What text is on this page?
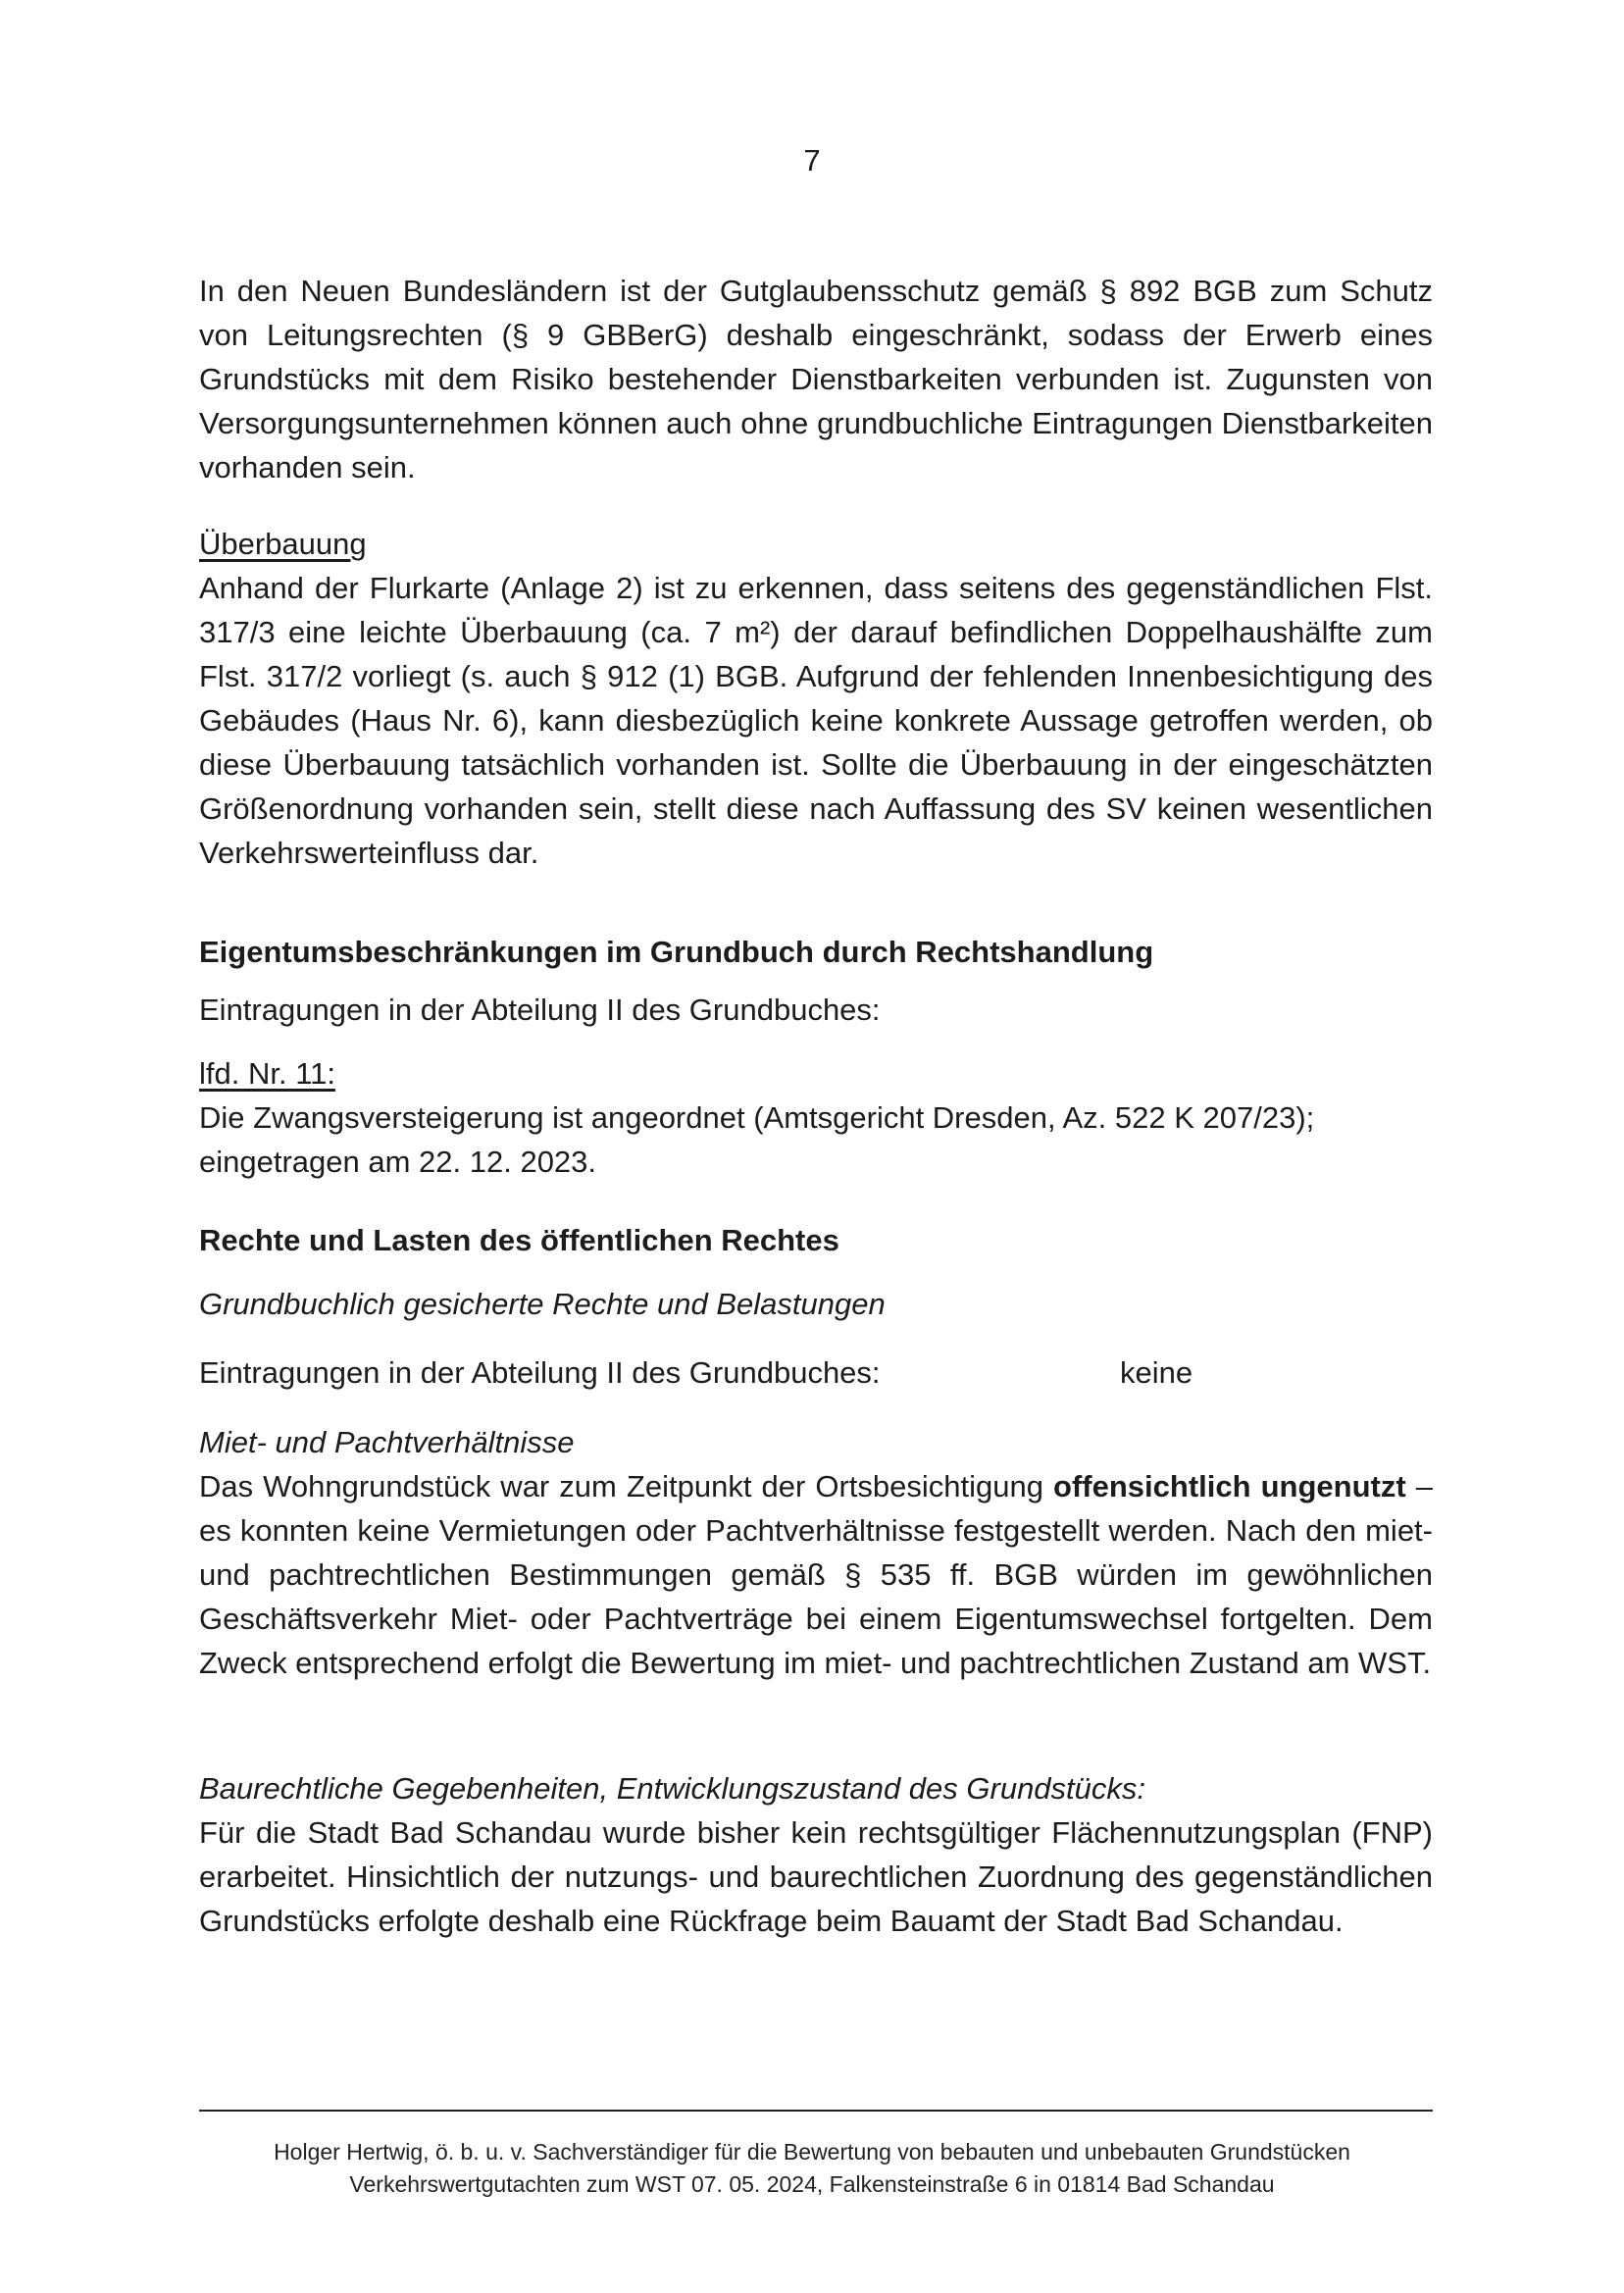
7

In den Neuen Bundesländern ist der Gutglaubensschutz gemäß § 892 BGB zum Schutz von Leitungsrechten (§ 9 GBBerG) deshalb eingeschränkt, sodass der Erwerb eines Grundstücks mit dem Risiko bestehender Dienstbarkeiten verbunden ist. Zugunsten von Versorgungsunternehmen können auch ohne grundbuchliche Eintragungen Dienstbarkeiten vorhanden sein.

Überbauung

Anhand der Flurkarte (Anlage 2) ist zu erkennen, dass seitens des gegenständlichen Flst. 317/3 eine leichte Überbauung (ca. 7 m²) der darauf befindlichen Doppelhaushälfte zum Flst. 317/2 vorliegt (s. auch § 912 (1) BGB. Aufgrund der fehlenden Innenbesichtigung des Gebäudes (Haus Nr. 6), kann diesbezüglich keine konkrete Aussage getroffen werden, ob diese Überbauung tatsächlich vorhanden ist. Sollte die Überbauung in der eingeschätzten Größenordnung vorhanden sein, stellt diese nach Auffassung des SV keinen wesentlichen Verkehrswerteinfluss dar.

Eigentumsbeschränkungen im Grundbuch durch Rechtshandlung

Eintragungen in der Abteilung II des Grundbuches:

lfd. Nr. 11:

Die Zwangsversteigerung ist angeordnet (Amtsgericht Dresden, Az. 522 K 207/23); eingetragen am 22. 12. 2023.

Rechte und Lasten des öffentlichen Rechtes

Grundbuchlich gesicherte Rechte und Belastungen

Eintragungen in der Abteilung II des Grundbuches:	keine

Miet- und Pachtverhältnisse

Das Wohngrundstück war zum Zeitpunkt der Ortsbesichtigung offensichtlich ungenutzt – es konnten keine Vermietungen oder Pachtverhältnisse festgestellt werden. Nach den miet- und pachtrechtlichen Bestimmungen gemäß § 535 ff. BGB würden im gewöhnlichen Geschäftsverkehr Miet- oder Pachtverträge bei einem Eigentumswechsel fortgelten. Dem Zweck entsprechend erfolgt die Bewertung im miet- und pachtrechtlichen Zustand am WST.

Baurechtliche Gegebenheiten, Entwicklungszustand des Grundstücks:

Für die Stadt Bad Schandau wurde bisher kein rechtsgültiger Flächennutzungsplan (FNP) erarbeitet. Hinsichtlich der nutzungs- und baurechtlichen Zuordnung des gegenständlichen Grundstücks erfolgte deshalb eine Rückfrage beim Bauamt der Stadt Bad Schandau.

Holger Hertwig, ö. b. u. v. Sachverständiger für die Bewertung von bebauten und unbebauten Grundstücken
Verkehrswertgutachten zum WST 07. 05. 2024, Falkensteinstraße 6 in 01814 Bad Schandau
